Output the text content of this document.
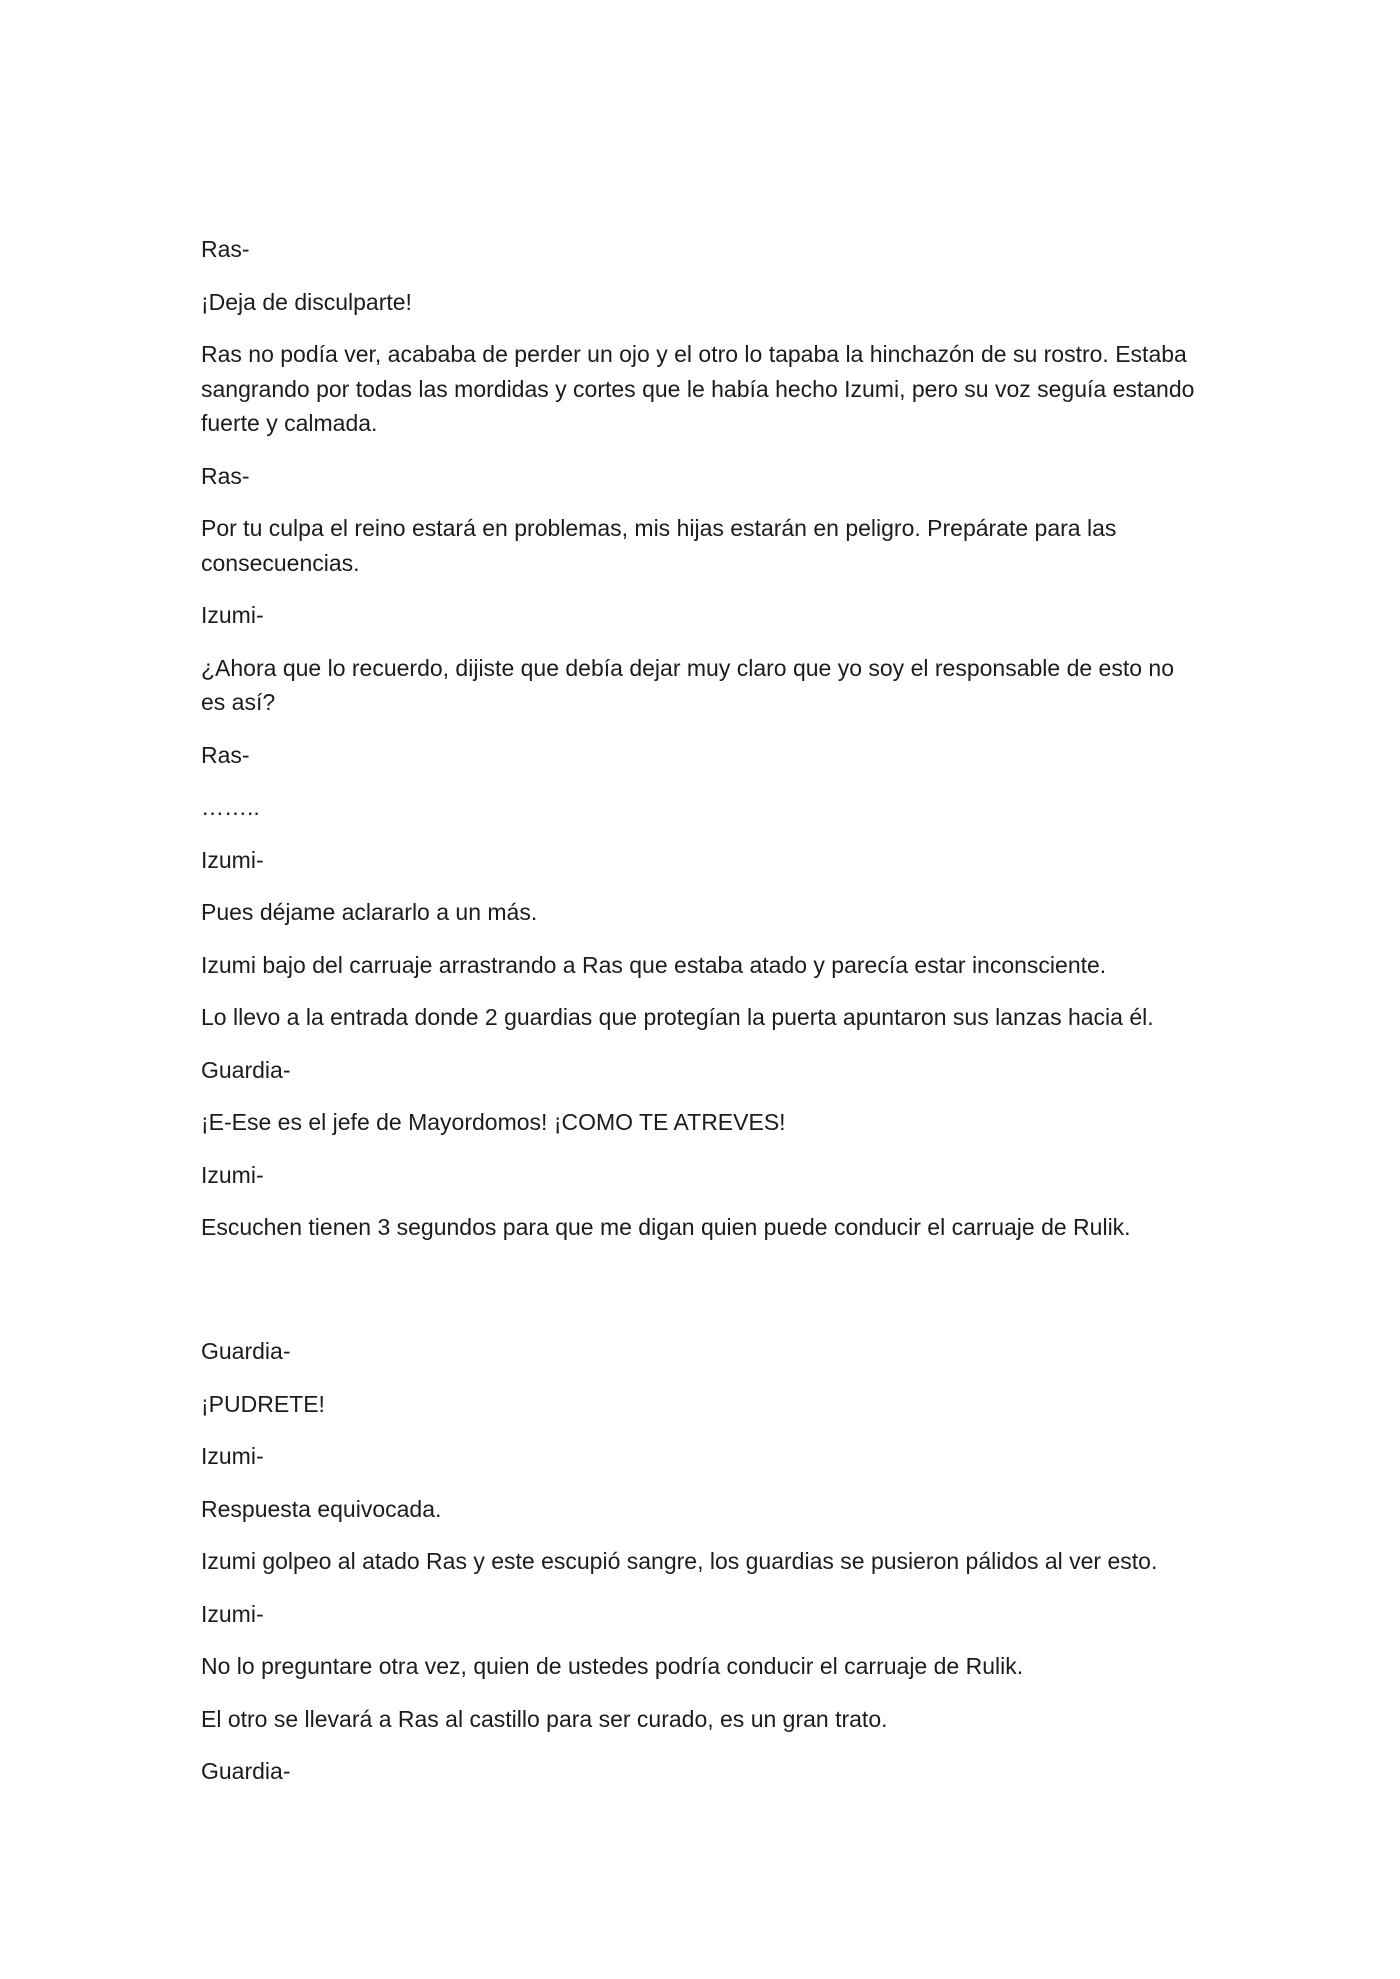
Ras-

¡Deja de disculparte!

Ras no podía ver, acababa de perder un ojo y el otro lo tapaba la hinchazón de su rostro. Estaba sangrando por todas las mordidas y cortes que le había hecho Izumi, pero su voz seguía estando fuerte y calmada.

Ras-

Por tu culpa el reino estará en problemas, mis hijas estarán en peligro. Prepárate para las consecuencias.

Izumi-

¿Ahora que lo recuerdo, dijiste que debía dejar muy claro que yo soy el responsable de esto no es así?

Ras-

……..

Izumi-

Pues déjame aclararlo a un más.

Izumi bajo del carruaje arrastrando a Ras que estaba atado y parecía estar inconsciente.

Lo llevo a la entrada donde 2 guardias que protegían la puerta apuntaron sus lanzas hacia él.

Guardia-

¡E-Ese es el jefe de Mayordomos! ¡COMO TE ATREVES!

Izumi-

Escuchen tienen 3 segundos para que me digan quien puede conducir el carruaje de Rulik.

Guardia-

¡PUDRETE!

Izumi-

Respuesta equivocada.

Izumi golpeo al atado Ras y este escupió sangre, los guardias se pusieron pálidos al ver esto.

Izumi-

No lo preguntare otra vez, quien de ustedes podría conducir el carruaje de Rulik.

El otro se llevará a Ras al castillo para ser curado, es un gran trato.

Guardia-
